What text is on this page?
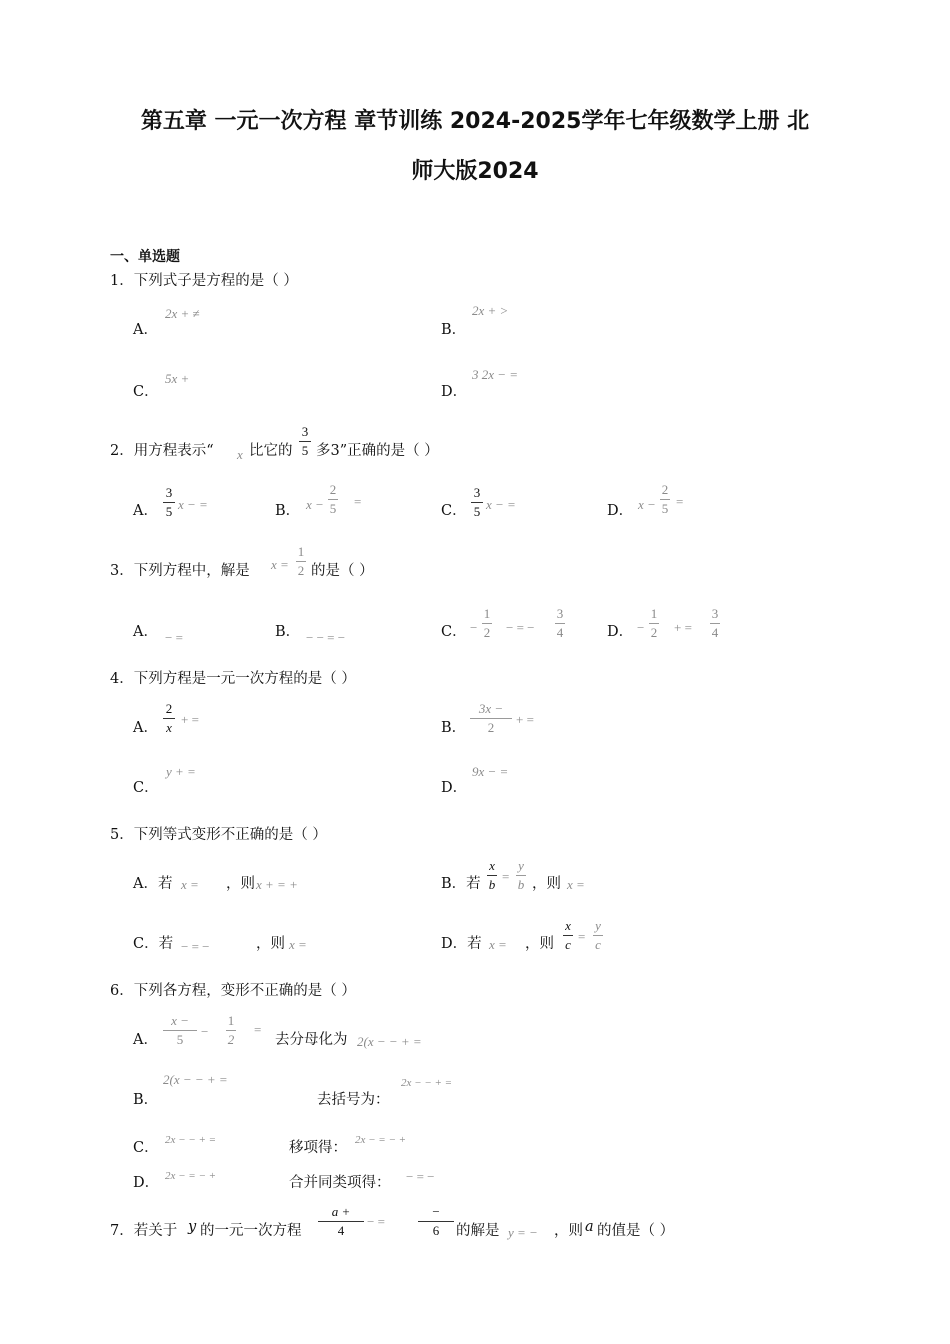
第五章 一元一次方程 章节训练 2024-2025学年七年级数学上册 北
师大版2024
一、单选题
1．下列式子是方程的是（ ）
A．
2x + ≠
B．
2x + >
C．
5x +
D．
3 2x − =
2．用方程表示“ x 比它的
3
5 多3”正确的是（ ）
A．
3
5 x − =	B． x −
2
5 =
C．
3
5 x − =	D． x −
2
5 =
3．下列方程中，解是 x =
1
2 的是（ ）
A． − =	B． − − = −	C． −
1
2 − = −
3
4	D． −
1
2 + =
3
4
4．下列方程是一元一次方程的是（ ）
A．
2
x
+ =
B．
3x −
2
+ =
C．
y + =
D．
9x − =
5．下列等式变形不正确的是（ ）
A．若 x = ，则 x + = +	B．若
x
b
=
y
b ，则 x =
C．若 − = −	，则 x =	D．若 x = ，则
x
c
=
y
c
6．下列各方程，变形不正确的是（ ）
A．
x −
5
−
1
2
=
去分母化为 2(x − − + =
B．
2(x − − + =
去括号为：
2x − − + =
C． 2x − − + =	移项得： 2x − = − +
D． 2x − = − +	合并同类项得： − = −
7．若关于 y 的一元一次方程
a +
4
− =
−
6	的解是 y = − ，则 a 的值是（ ）
